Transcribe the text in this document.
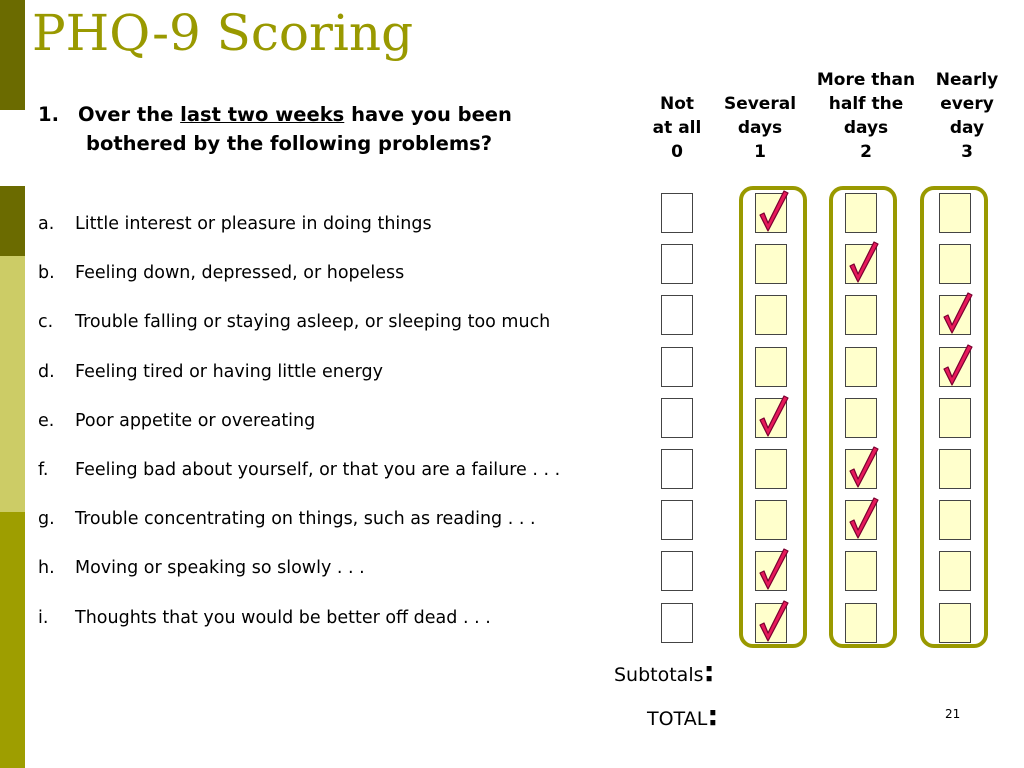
PHQ-9 Scoring
1. Over the last two weeks have you been
bothered by the following problems?

Not
at all
0

Several
days
1
More than
half the
days
2
Nearly
every
day
3
a. Little interest or pleasure in doing things
b. Feeling down, depressed, or hopeless
c. Trouble falling or staying asleep, or sleeping too much
d. Feeling tired or having little energy
e. Poor appetite or overeating
f. Feeling bad about yourself, or that you are a failure . . .
g. Trouble concentrating on things, such as reading . . .
h. Moving or speaking so slowly . . .
i. Thoughts that you would be better off dead . . .
Subtotals:
TOTAL:	21
